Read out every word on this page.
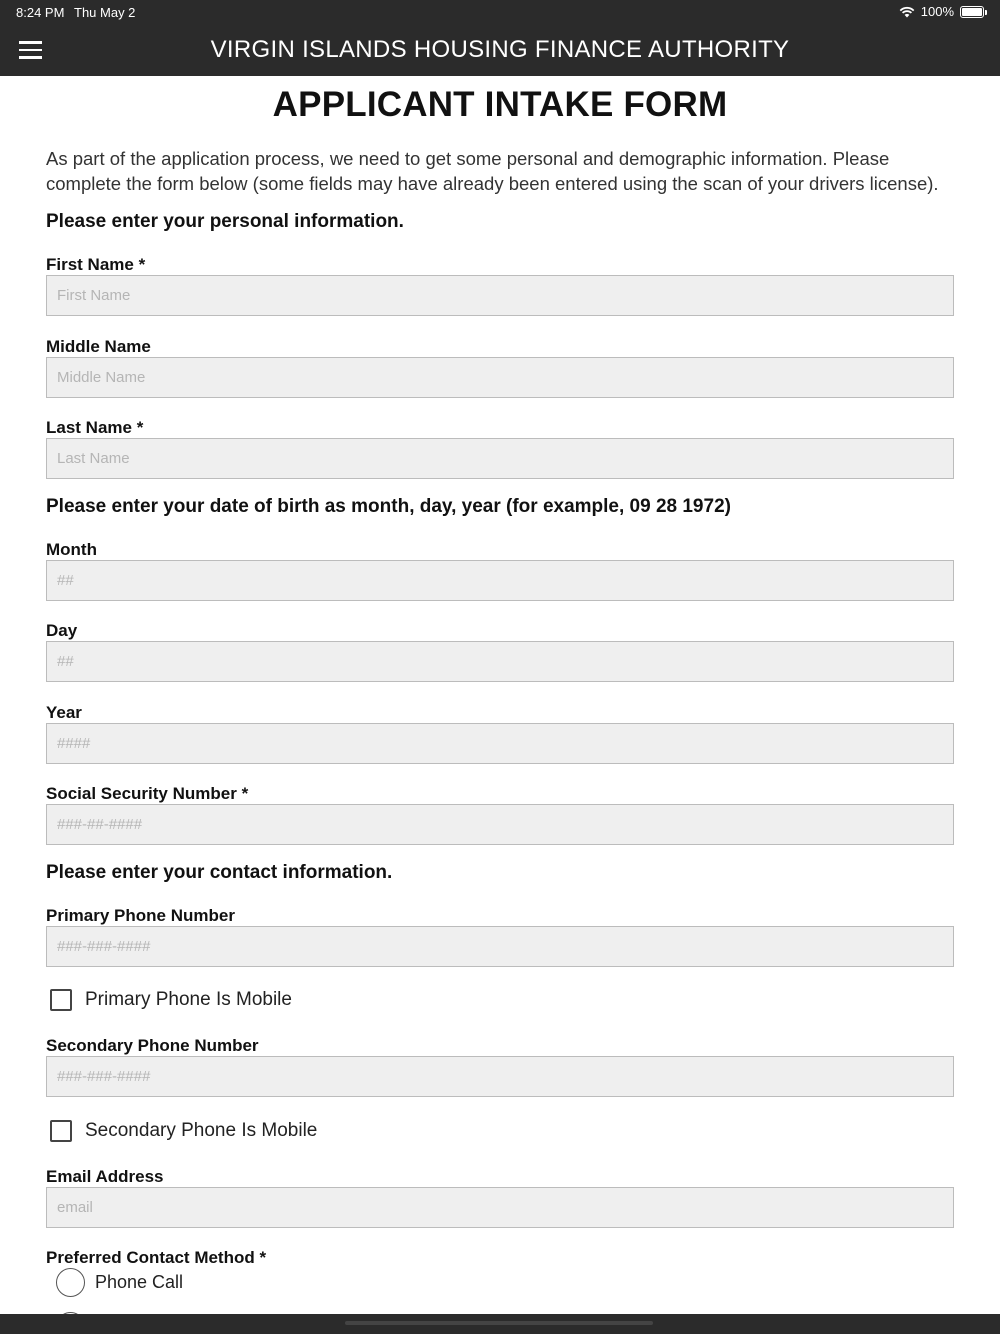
8:24 PM Thu May 2	100%
VIRGIN ISLANDS HOUSING FINANCE AUTHORITY
APPLICANT INTAKE FORM
As part of the application process, we need to get some personal and demographic information. Please complete the form below (some fields may have already been entered using the scan of your drivers license).
Please enter your personal information.
First Name *
First Name
Middle Name
Middle Name
Last Name *
Last Name
Please enter your date of birth as month, day, year (for example, 09 28 1972)
Month
##
Day
##
Year
####
Social Security Number *
###-##-####
Please enter your contact information.
Primary Phone Number
###-###-####
Primary Phone Is Mobile
Secondary Phone Number
###-###-####
Secondary Phone Is Mobile
Email Address
email
Preferred Contact Method *
Phone Call
